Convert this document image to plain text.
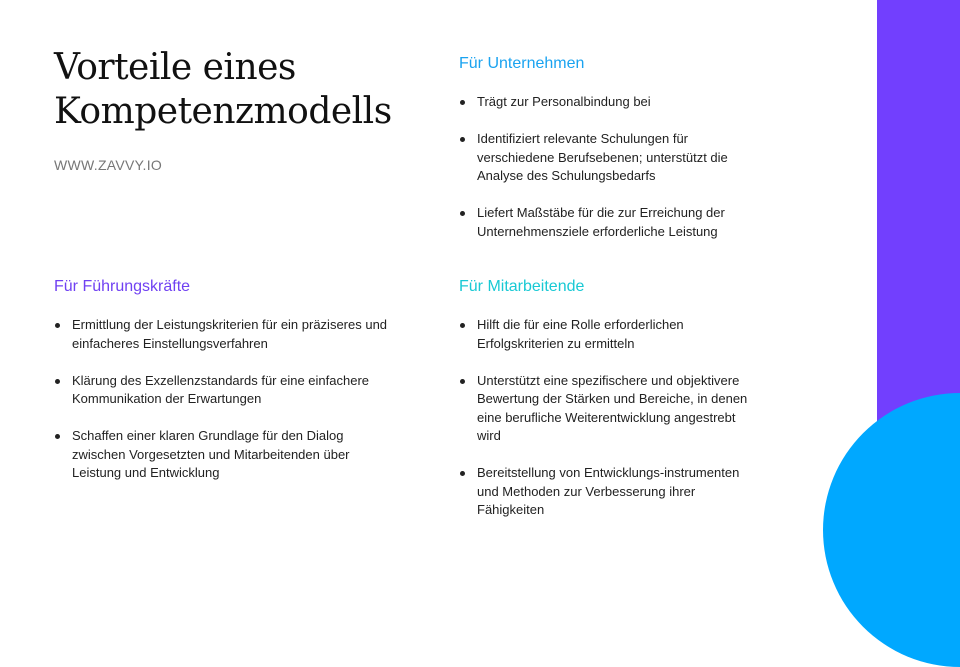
Vorteile eines Kompetenzmodells
WWW.ZAVVY.IO
Für Unternehmen
Trägt zur Personalbindung bei
Identifiziert relevante Schulungen für verschiedene Berufsebenen; unterstützt die Analyse des Schulungsbedarfs
Liefert Maßstäbe für die zur Erreichung der Unternehmensziele erforderliche Leistung
Für Führungskräfte
Ermittlung der Leistungskriterien für ein präziseres und einfacheres Einstellungsverfahren
Klärung des Exzellenzstandards für eine einfachere Kommunikation der Erwartungen
Schaffen einer klaren Grundlage für den Dialog zwischen Vorgesetzten und Mitarbeitenden über Leistung und Entwicklung
Für Mitarbeitende
Hilft die für eine Rolle erforderlichen Erfolgskriterien zu ermitteln
Unterstützt eine spezifischere und objektivere Bewertung der Stärken und Bereiche, in denen eine berufliche Weiterentwicklung angestrebt wird
Bereitstellung von Entwicklungs-instrumenten und Methoden zur Verbesserung ihrer Fähigkeiten
